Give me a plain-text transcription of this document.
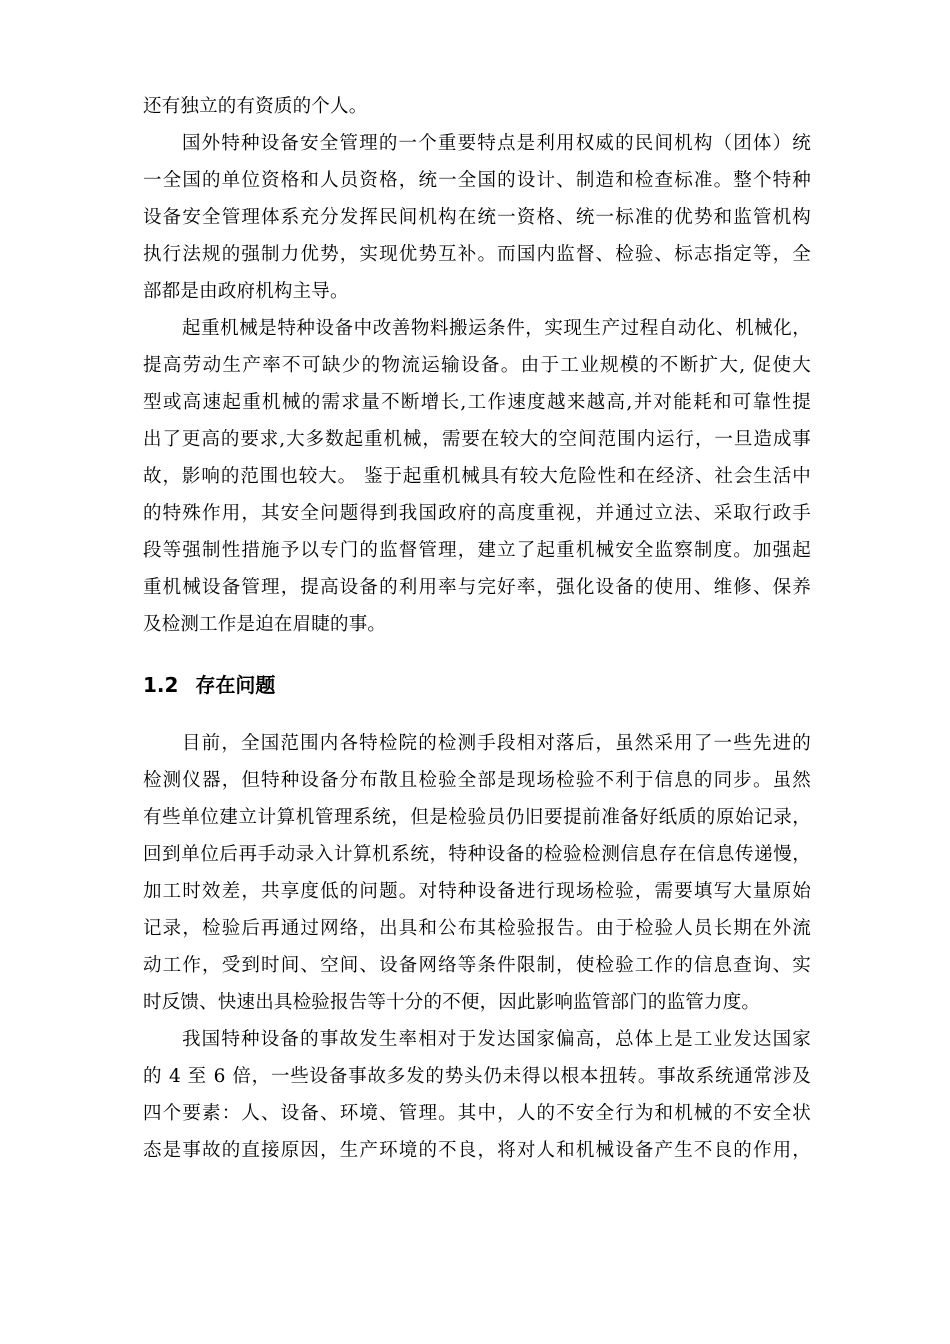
还有独立的有资质的个人。
国外特种设备安全管理的一个重要特点是利用权威的民间机构（团体）统
一全国的单位资格和人员资格，统一全国的设计、制造和检查标准。整个特种
设备安全管理体系充分发挥民间机构在统一资格、统一标准的优势和监管机构
执行法规的强制力优势，实现优势互补。而国内监督、检验、标志指定等，全
部都是由政府机构主导。
起重机械是特种设备中改善物料搬运条件，实现生产过程自动化、机械化，
提高劳动生产率不可缺少的物流运输设备。由于工业规模的不断扩大, 促使大
型或高速起重机械的需求量不断增长,工作速度越来越高,并对能耗和可靠性提
出了更高的要求,大多数起重机械，需要在较大的空间范围内运行，一旦造成事
故，影响的范围也较大。 鉴于起重机械具有较大危险性和在经济、社会生活中
的特殊作用，其安全问题得到我国政府的高度重视，并通过立法、采取行政手
段等强制性措施予以专门的监督管理，建立了起重机械安全监察制度。加强起
重机械设备管理，提高设备的利用率与完好率，强化设备的使用、维修、保养
及检测工作是迫在眉睫的事。
1.2 存在问题
目前，全国范围内各特检院的检测手段相对落后，虽然采用了一些先进的
检测仪器，但特种设备分布散且检验全部是现场检验不利于信息的同步。虽然
有些单位建立计算机管理系统，但是检验员仍旧要提前准备好纸质的原始记录，
回到单位后再手动录入计算机系统，特种设备的检验检测信息存在信息传递慢，
加工时效差，共享度低的问题。对特种设备进行现场检验，需要填写大量原始
记录，检验后再通过网络，出具和公布其检验报告。由于检验人员长期在外流
动工作，受到时间、空间、设备网络等条件限制，使检验工作的信息查询、实
时反馈、快速出具检验报告等十分的不便，因此影响监管部门的监管力度。
我国特种设备的事故发生率相对于发达国家偏高，总体上是工业发达国家
的 4 至 6 倍，一些设备事故多发的势头仍未得以根本扭转。事故系统通常涉及
四个要素：人、设备、环境、管理。其中，人的不安全行为和机械的不安全状
态是事故的直接原因，生产环境的不良，将对人和机械设备产生不良的作用，
